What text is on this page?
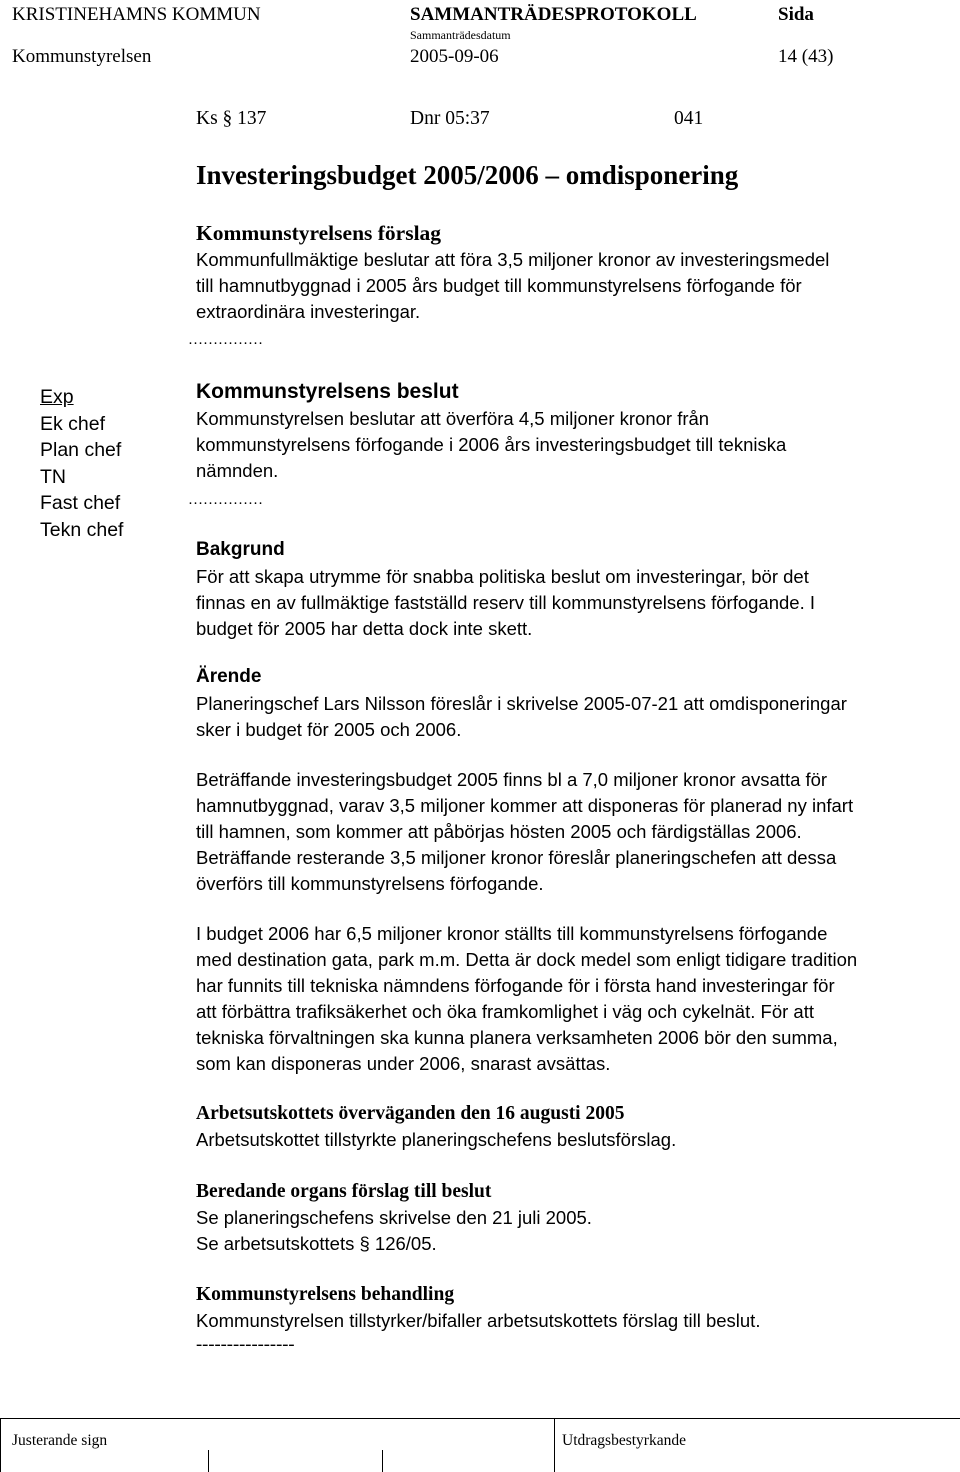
KRISTINEHAMNS KOMMUN	SAMMANTRÄDESPROTOKOLL	Sida
Sammanträdesdatum
Kommunstyrelsen	2005-09-06	14 (43)
Ks § 137	Dnr 05:37	041
Investeringsbudget 2005/2006 – omdisponering
Kommunstyrelsens förslag

Kommunfullmäktige beslutar att föra 3,5 miljoner kronor av investeringsmedel

till hamnutbyggnad i 2005 års budget till kommunstyrelsens förfogande för

extraordinära investeringar.

……………
Exp
Ek chef
Plan chef
TN
Fast chef
Tekn chef
Kommunstyrelsens beslut

Kommunstyrelsen beslutar att överföra 4,5 miljoner kronor från

kommunstyrelsens förfogande i 2006 års investeringsbudget till tekniska

nämnden.

……………
Bakgrund

För att skapa utrymme för snabba politiska beslut om investeringar, bör det

finnas en av fullmäktige fastställd reserv till kommunstyrelsens förfogande. I

budget för 2005 har detta dock inte skett.

Ärende

Planeringschef Lars Nilsson föreslår i skrivelse 2005-07-21 att omdisponeringar

sker i budget för 2005 och 2006.

Beträffande investeringsbudget 2005 finns bl a 7,0 miljoner kronor avsatta för

hamnutbyggnad, varav 3,5 miljoner kommer att disponeras för planerad ny infart

till hamnen, som kommer att påbörjas hösten 2005 och färdigställas 2006.

Beträffande resterande 3,5 miljoner kronor föreslår planeringschefen att dessa

överförs till kommunstyrelsens förfogande.

I budget 2006 har 6,5 miljoner kronor ställts till kommunstyrelsens förfogande

med destination gata, park m.m. Detta är dock medel som enligt tidigare tradition

har funnits till tekniska nämndens förfogande för i första hand investeringar för

att förbättra trafiksäkerhet och öka framkomlighet i väg och cykelnät. För att

tekniska förvaltningen ska kunna planera verksamheten 2006 bör den summa,

som kan disponeras under 2006, snarast avsättas.

Arbetsutskottets överväganden den 16 augusti 2005
Arbetsutskottet tillstyrkte planeringschefens beslutsförslag.
Beredande organs förslag till beslut

Se planeringschefens skrivelse den 21 juli 2005.

Se arbetsutskottets § 126/05.

Kommunstyrelsens behandling
Kommunstyrelsen tillstyrker/bifaller arbetsutskottets förslag till beslut.
----------------
Justerande sign	Utdragsbestyrkande
